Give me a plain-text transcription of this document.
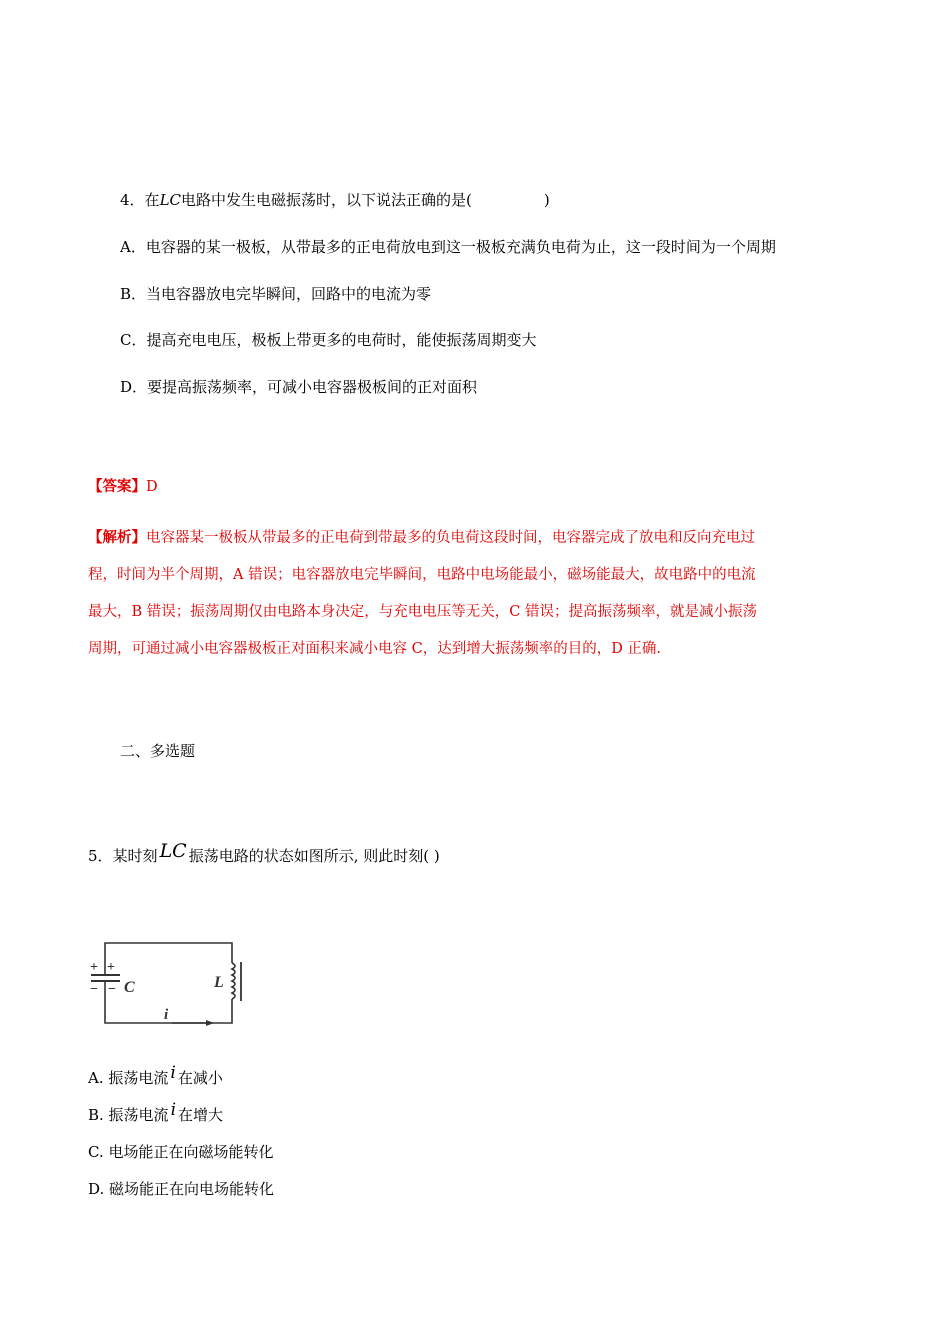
4．在LC电路中发生电磁振荡时，以下说法正确的是(	)
A．电容器的某一极板，从带最多的正电荷放电到这一极板充满负电荷为止，这一段时间为一个周期
B．当电容器放电完毕瞬间，回路中的电流为零
C．提高充电电压，极板上带更多的电荷时，能使振荡周期变大
D．要提高振荡频率，可减小电容器极板间的正对面积
【答案】D
【解析】电容器某一极板从带最多的正电荷到带最多的负电荷这段时间，电容器完成了放电和反向充电过
程，时间为半个周期，A 错误；电容器放电完毕瞬间，电路中电场能最小，磁场能最大，故电路中的电流
最大，B 错误；振荡周期仅由电路本身决定，与充电电压等无关，C 错误；提高振荡频率，就是减小振荡
周期，可通过减小电容器极板正对面积来减小电容 C，达到增大振荡频率的目的，D 正确.
二、多选题
5．某时刻 LC 振荡电路的状态如图所示, 则此时刻( )
+ +
− − C	L
i
A. 振荡电流 i 在减小
B. 振荡电流 i 在增大
C. 电场能正在向磁场能转化
D. 磁场能正在向电场能转化
